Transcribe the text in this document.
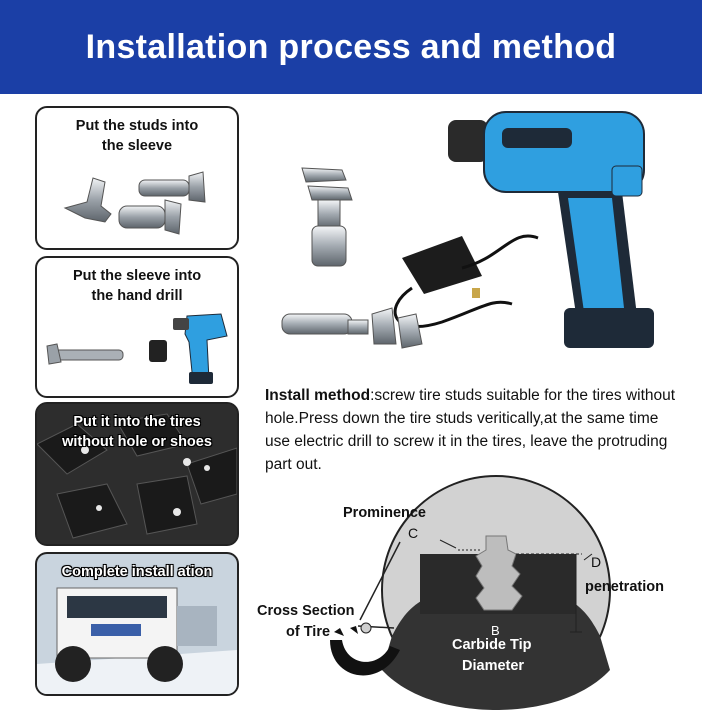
Installation process and method
Put the studs into
the sleeve
Put the sleeve into
the hand drill
Put it into the tires
without hole or shoes
Complete install ation
Install method:screw tire studs suitable for the tires without hole.Press down the tire studs veritically,at the same time use electric drill to screw it in the tires, leave the protruding part out.
Prominence
C
D
penetration
Cross Section
of Tire	B
Carbide Tip
Diameter
